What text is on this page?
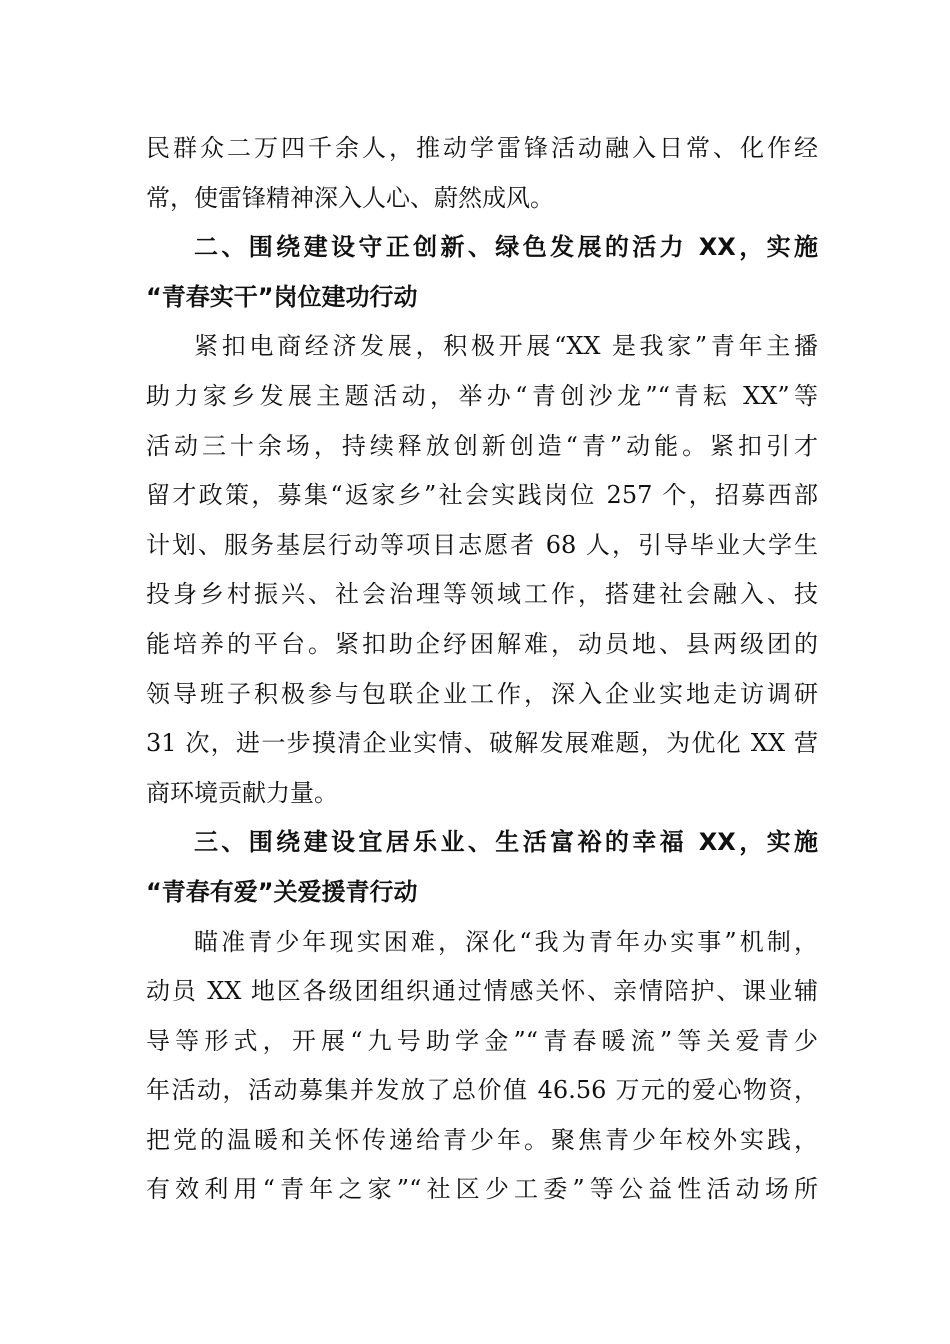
民群众二万四千余人，推动学雷锋活动融入日常、化作经
常，使雷锋精神深入人心、蔚然成风。
二、围绕建设守正创新、绿色发展的活力 XX，实施
“青春实干”岗位建功行动
紧扣电商经济发展，积极开展“XX 是我家”青年主播
助力家乡发展主题活动，举办“青创沙龙”“青耘 XX”等
活动三十余场，持续释放创新创造“青”动能。紧扣引才
留才政策，募集“返家乡”社会实践岗位 257 个，招募西部
计划、服务基层行动等项目志愿者 68 人，引导毕业大学生
投身乡村振兴、社会治理等领域工作，搭建社会融入、技
能培养的平台。紧扣助企纾困解难，动员地、县两级团的
领导班子积极参与包联企业工作，深入企业实地走访调研
31 次，进一步摸清企业实情、破解发展难题，为优化 XX 营
商环境贡献力量。
三、围绕建设宜居乐业、生活富裕的幸福 XX，实施
“青春有爱”关爱援青行动
瞄准青少年现实困难，深化“我为青年办实事”机制，
动员 XX 地区各级团组织通过情感关怀、亲情陪护、课业辅
导等形式，开展“九号助学金”“青春暖流”等关爱青少
年活动，活动募集并发放了总价值 46.56 万元的爱心物资，
把党的温暖和关怀传递给青少年。聚焦青少年校外实践，
有效利用“青年之家”“社区少工委”等公益性活动场所
